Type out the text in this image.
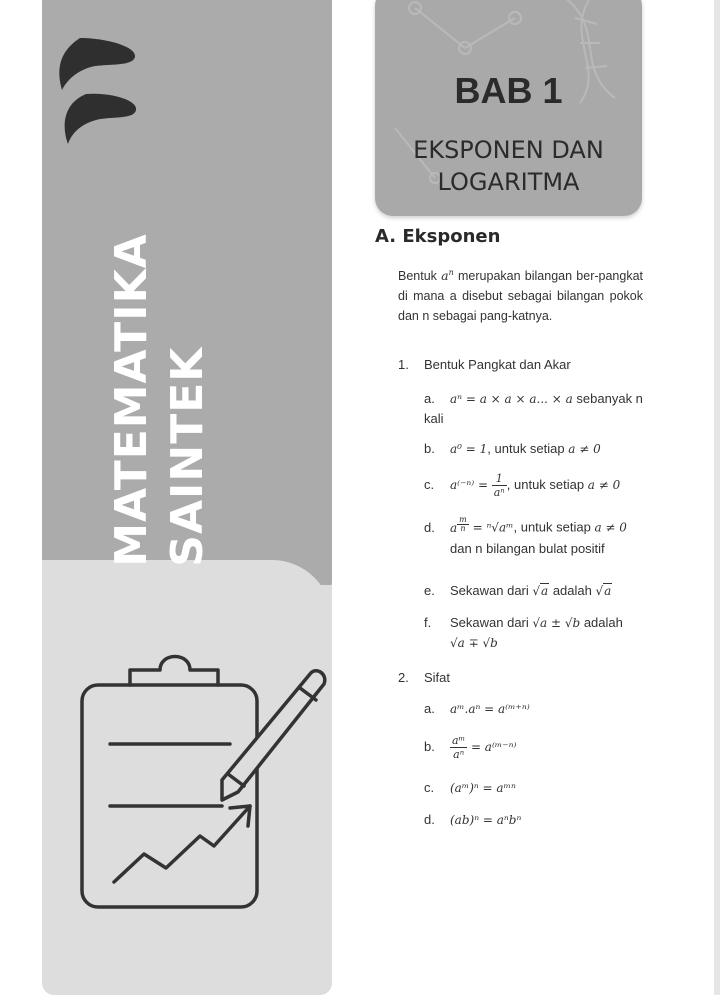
MATEMATIKA SAINTEK
BAB 1
EKSPONEN DAN
LOGARITMA
A. Eksponen
Bentuk $a^n$ merupakan bilangan ber-pangkat di mana a disebut sebagai bilangan pokok dan n sebagai pang-katnya.
1. Bentuk Pangkat dan Akar
a. aⁿ = a × a × a... × a sebanyak n kali
b. a⁰ = 1, untuk setiap a ≠ 0
c. $a^{(-n)} = \frac{1}{\text{aⁿ}}$ , untuk setiap a ≠ 0
d. a $^{\frac{m}{n}}$ = ⁿ√aᵐ, untuk setiap a ≠ 0
dan n bilangan bulat positif
e. Sekawan dari √a adalah √a
f. Sekawan dari √a ± √b adalah
√a ∓ √b
2. Sifat
a. aᵐ.aⁿ = a⁽ᵐ⁺ⁿ⁾
b. $\frac{\text{aᵐ}}{\text{aⁿ}}$ = a⁽ᵐ⁻ⁿ⁾
c. (aᵐ)ⁿ = aᵐⁿ
d. (ab)ⁿ = aⁿbⁿ
